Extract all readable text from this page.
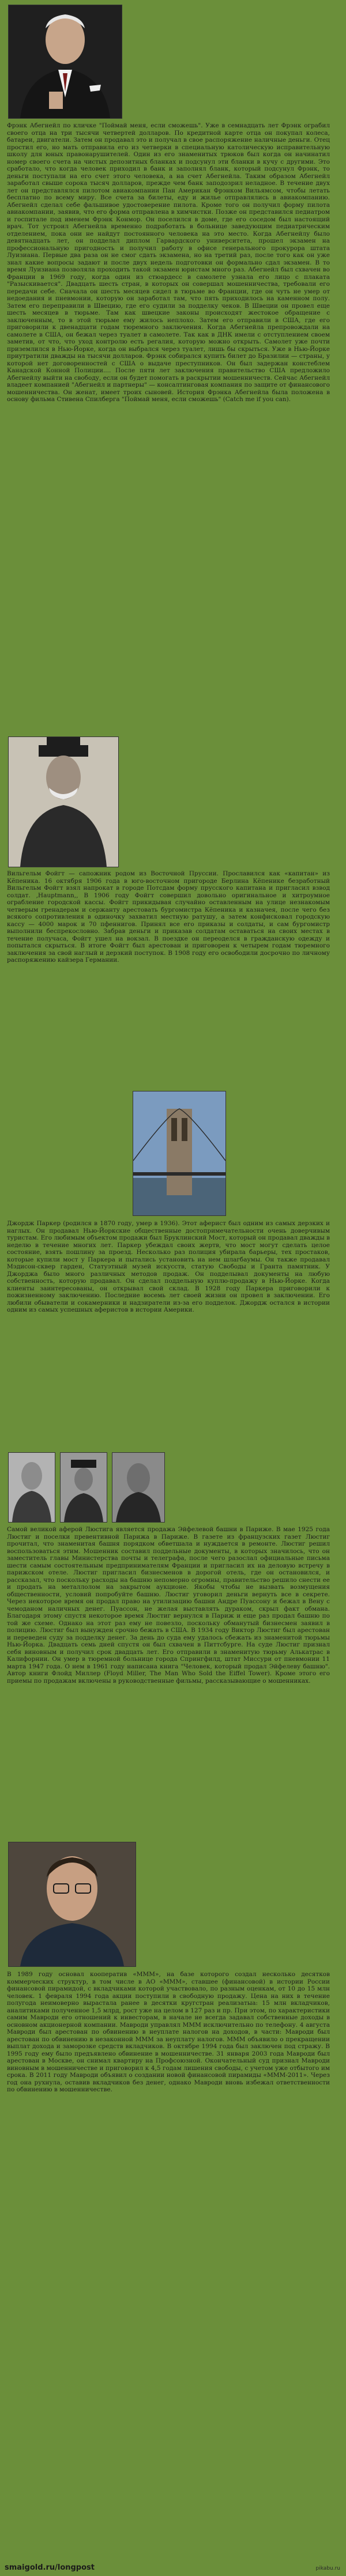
Фрэнк Абегнейл по кличке "Поймай меня, если сможешь". Уже в семнадцать лет Фрэнк ограбил своего отца на три тысячи четвертей долларов. По кредитной карте отца он покупал колеса, батареи, двигатели. Затем он продавал это и получал в свое распоряжение наличные деньги. Отец простил его, но мать отправила его из четверки в специальную католическую исправительную школу для юных правонарушителей. Один из его знаменитых трюков был когда он начинатил номер своего счета на чистых депозитных бланках и подсунул эти бланки в кучу с другими. Это сработало, что когда человек приходил в банк и заполнял бланк, который подсунул Фрэнк, то деньги поступали на его счет этого человека, а на счет Абегнейла. Таким образом Абегнейл заработал свыше сорока тысяч долларов, прежде чем банк заподозрил неладное. В течение двух лет он представлялся пилотом авиакомпании Пан Американ Фрэнком Вильямсом, чтобы летать бесплатно по всему миру. Все счета за билеты, еду и жилье отправлялись в авиакомпанию. Абегнейл сделал себе фальшивое удостоверение пилота. Кроме того он получил форму пилота авиакомпании, заявив, что его форма отправлена в химчистки. Позже он представился педиатром и госпитале под именем Фрэнк Конмор. Он поселился в доме, где его соседом был настоящий врач. Тот устроил Абегнейла временно подработать в больнице заведующим педиатрическим отделением, пока они не найдут постоянного человека на это место. Когда Абегнейлу было девятнадцать лет, он подделал диплом Гарвардского университета, прошел экзамен на профессиональную пригодность и получил работу в офисе генерального прокурора штата Луизиана. Первые два раза он не смог сдать экзамена, но на третий раз, после того как он уже знал какие вопросы задают и после двух недель подготовки он формально сдал экзамен. В то время Луизиана позволяла проходить такой экзамен юристам много раз. Абегнейл был схвачен во Франции в 1969 году, когда один из стюардесс в самолете узнала его лицо с плаката "Разыскивается". Двадцать шесть стран, в которых он совершал мошенничества, требовали его передачи себе. Сначала он шесть месяцев сидел в тюрьме во Франции, где он чуть не умер от недоедания и пневмонии, которую он заработал там, что пять приходилось на каменном полу. Затем его переправили в Швецию, где его судили за подделку чеков. В Швеции он провел еще шесть месяцев в тюрьме. Там как швецкие законы происходят жестокое обращение с заключенным, то в этой тюрьме ему жилось неплохо. Затем его отправили в США, где его приговорили к двенадцати годам тюремного заключения. Когда Абегнейла препровождали на самолете в США, он бежал через туалет в самолете. Так как в ДНК имели с отступлением своем заметив, от что, что уход контролю есть регалия, которую можно открыть. Самолет уже почти приземлился в Нью-Йорке, когда он выбрался через туалет, лишь бы скрыться. Уже в Нью-Йорке приутратили дважды на тысячи долларов. Фрэнк собирался купить билет до Бразилии — страны, у которой нет договоренностей с США о выдаче преступников. Он был задержан констеблем Канадской Конной Полиции.... После пяти лет заключения правительство США предложило Абегнейлу выйти на свободу, если он будет помогать в раскрытии мошенничеств. Сейчас Абегнейл владеет компанией "Абегнейл и партнеры" — консалтинговая компания по защите от финансового мошенничества. Он женат, имеет троих сыновей. История Фрэнка Абегнейла была положена в основу фильма Стивена Спилберга "Поймай меня, если сможешь" (Catch me if you can).
Вильгельм Фойгт — сапожник родом из Восточной Пруссии. Прославился как «капитан» из Кёпеника. 16 октября 1906 года в юго-восточном пригороде Берлина Кёпенике безработный Вильгельм Фойгт взял напрокат в городе Потсдам форму прусского капитана и пригласил взвод солдат. ,Hauptmann,, В 1906 году Фойгт совершил довольно оригинальное и хитроумное ограбление городской кассы. Фойгт прикидывая случайно оставленным на улице незнакомым четверым гренадерам и сержанту арестовать бургомистра Кёпеника и казначея, после чего без всякого сопротивления в одиночку захватил местную ратушу, а затем конфисковал городскую кассу — 4000 марок и 70 пфеннигов. Принял все его приказы и солдаты, и сам бургомистр выполнили беспрекословно. Забрав деньги и приказав солдатам оставаться на своих местах в течение получаса, Фойгт ушел на вокзал. В поездке он переоделся в гражданскую одежду и попытался скрыться. В итоге Фойгт был арестован и приговорен к четырем годам тюремного заключения за свой наглый и дерзкий поступок. В 1908 году его освободили досрочно по личному распоряжению кайзера Германии.
Джордж Паркер (родился в 1870 году, умер в 1936). Этот аферист был одним из самых дерзких и наглых. Он продавал Нью-Йоркские общественные достопримечательности очень доверчивым туристам. Его любимым объектом продажи был Бруклинский Мост, который он продавал дважды в неделю в течение многих лет. Паркер убеждал своих жертв, что мост могут сделать целое состояние, взять пошлину за проезд. Несколько раз полиция убирала барьеры, тех простаков, которые купили мост у Паркера и пытались установить на нем шлагбаумы. Он также продавал Мэдисон-сквер гарден, Статуэтный музей искусств, статую Свободы и Гранта памятник. У Джорджа было много различных методов продаж. Он подделывал документы на любую собственность, которую продавал. Он сделал поддельную куплю-продажу в Нью-Йорке. Когда клиенты заинтересованы, он открывал свой склад. В 1928 году Паркера приговорили к пожизненному заключению. Последние восемь лет своей жизни он провел в заключении. Его любили обыватели и сокамерники и надзиратели из-за его подделок. Джордж остался в истории одним из самых успешных аферистов в истории Америки.
Самой великой аферой Люстига является продажа Эйфелевой башни в Париже. В мае 1925 года Люстиг и поселки превентивной Парижа в Париже. В газете из французских газет Люстиг прочитал, что знаменитая башня порядком обветшала и нуждается в ремонте. Люстиг решил воспользоваться этим. Мошенник составил поддельные документы, в которых значилось, что он заместитель главы Министерства почты и телеграфа, после чего разослал официальные письма шести самым состоятельным предпринимателям Франции и пригласил их на деловую встречу в парижском отеле. Люстиг пригласил бизнесменов в дорогой отель, где он остановился, и рассказал, что поскольку расходы на башню непомерно огромны, правительство решило снести ее и продать на металлолом на закрытом аукционе. Якобы чтобы не вызвать возмущения общественности, условий попробуйте башню. Люстиг уговорил деньги вернуть все в секрете. Через некоторое время он продал право на утилизацию башни Андре Пуассону и бежал в Вену с чемоданом наличных денег. Пуассон, не желая выставлять дураком, скрыл факт обмана. Благодаря этому спустя некоторое время Люстиг вернулся в Париж и еще раз продал башню по той же схеме. Однако на этот раз ему не повезло, поскольку обманутый бизнесмен заявил в полицию. Люстиг был вынужден срочно бежать в США. В 1934 году Виктор Люстиг был арестован и переведен суду за подделку денег. За день до суда ему удалось сбежать из знаменитой тюрьмы Нью-Йорка. Двадцать семь дней спустя он был схвачен в Питтсбурге. На суде Люстиг признал себя виновным и получил срок двадцать лет. Его отправили в знаменитую тюрьму Алькатрас в Калифорнии. Он умер в тюремной больнице города Спрингфилд, штат Миссури от пневмонии 11 марта 1947 года. О нем в 1961 году написана книга "Человек, который продал Эйфелеву башню". Автор книги Флойд Миллер (Floyd Miller, The Man Who Sold the Eiffel Tower). Кроме этого его приемы по продажам включены в руководственные фильмы, рассказывающие о мошенниках.
В 1989 году основал кооператив «МММ», на базе которого создал несколько десятков коммерческих структур, в том числе в АО «МММ», ставшее (финансовой) в истории России финансовой пирамидой, с вкладчиками которой участвовало, по разным оценкам, от 10 до 15 млн человек. 1 февраля 1994 года акции поступили в свободную продажу. Цена на них в течение полугода неимоверно вырастала ранее в десятки кругстран реализатыа: 15 млн вкладчиков, аналитиками полученное 1,5 млрд, рост уже на целом в 127 раз и пр. При этом, по характеристики самим Мавроди его отношений к инвесторам, в начале не всегда задавал собственные доходы в основном акционерной компании. Мавроди управлял МММ исключительно по телефону. 4 августа Мавроди был арестован по обвинению в неуплате налогов на доходов, в части: Мавроди был арестован по обвинению в незаконной МММ за неуплату налогов. МММ объявило о прекращении выплат дохода и заморозке средств вкладчиков. В октябре 1994 года был заключен под стражу. В 1995 году ему было предъявлено обвинение в мошенничестве. 31 января 2003 года Мавроди был арестован в Москве, он снимал квартиру на Профсоюзной. Окончательный суд признал Мавроди виновным в мошенничестве и приговорил к 4,5 годам лишения свободы, с учетом уже отбытого им срока. В 2011 году Мавроди объявил о создании новой финансовой пирамиды «МММ-2011». Через год она рухнула, оставив вкладчиков без денег, однако Мавроди вновь избежал ответственности по обвинению в мошенничестве.
smaigold.ru/longpost	pikabu.ru
